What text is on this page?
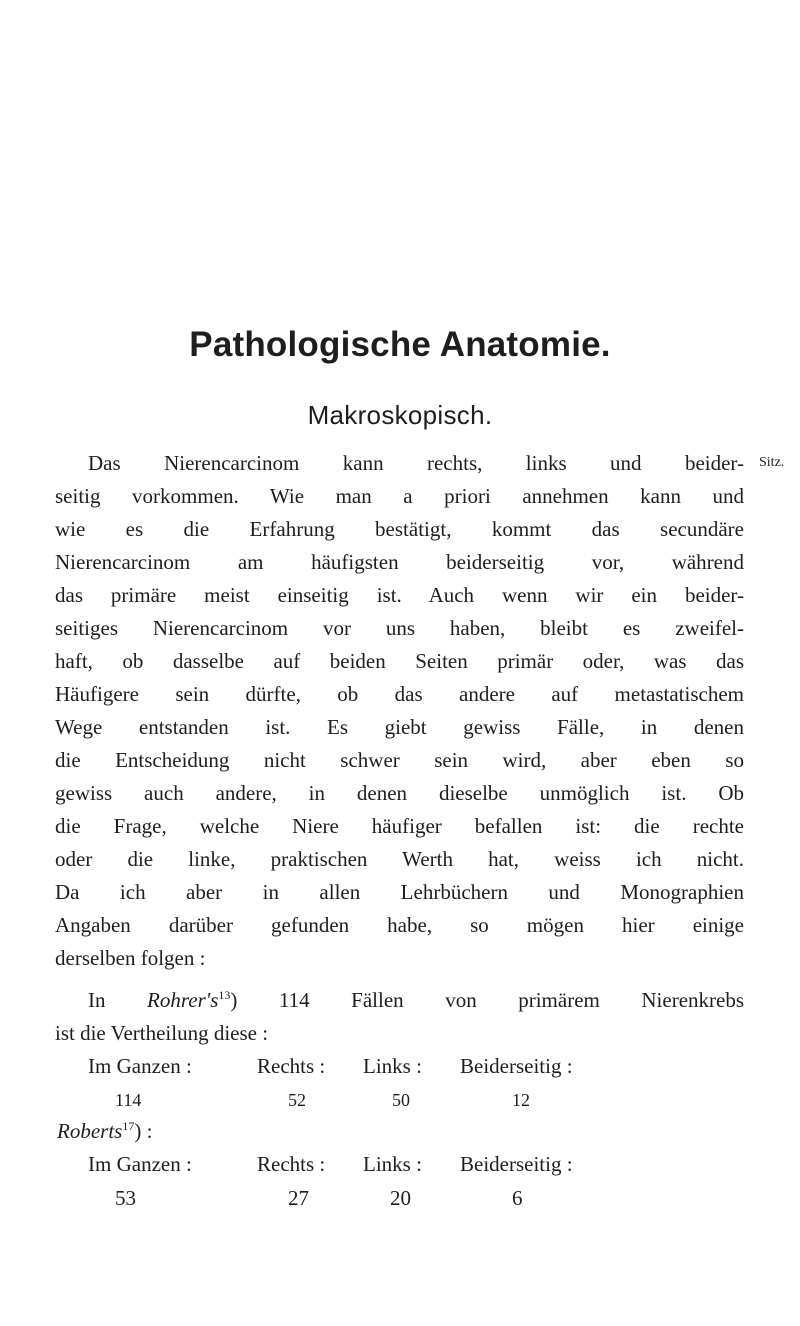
Pathologische Anatomie.
Makroskopisch.
Sitz.
Das Nierencarcinom kann rechts, links und beider-
seitig vorkommen. Wie man a priori annehmen kann und
wie es die Erfahrung bestätigt, kommt das secundäre
Nierencarcinom am häufigsten beiderseitig vor, während
das primäre meist einseitig ist. Auch wenn wir ein beider-
seitiges Nierencarcinom vor uns haben, bleibt es zweifel-
haft, ob dasselbe auf beiden Seiten primär oder, was das
Häufigere sein dürfte, ob das andere auf metastatischem
Wege entstanden ist. Es giebt gewiss Fälle, in denen
die Entscheidung nicht schwer sein wird, aber eben so
gewiss auch andere, in denen dieselbe unmöglich ist. Ob
die Frage, welche Niere häufiger befallen ist: die rechte
oder die linke, praktischen Werth hat, weiss ich nicht.
Da ich aber in allen Lehrbüchern und Monographien
Angaben darüber gefunden habe, so mögen hier einige
derselben folgen :
In $Rohrer's^{13}$) 114 Fällen von primärem Nierenkrebs
ist die Vertheilung diese :
Im Ganzen :	Rechts : Links : Beiderseitig :
114	52	50	12
Roberts$^{17}$) :
Im Ganzen :	Rechts : Links : Beiderseitig :
53	27	20	6
